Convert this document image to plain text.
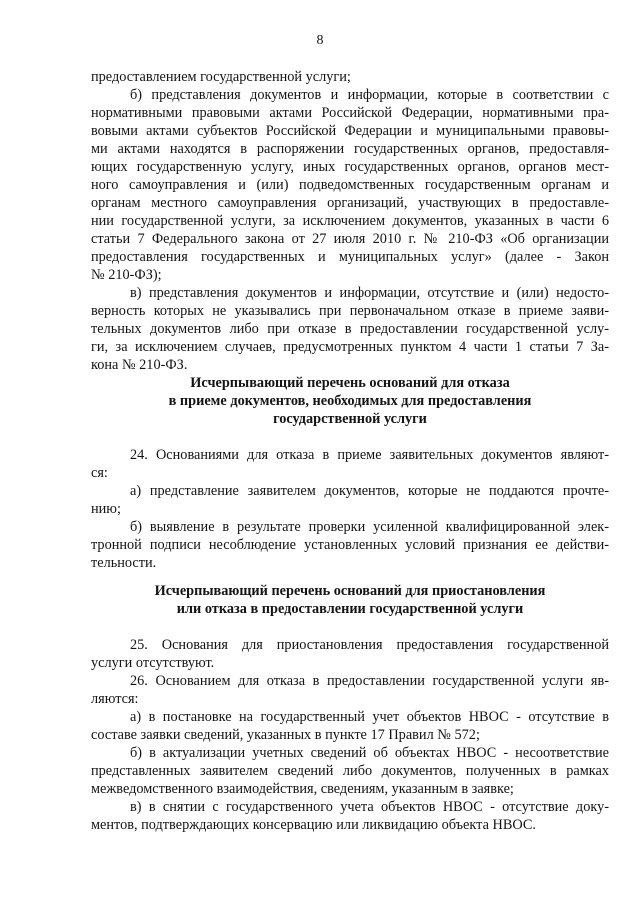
8
предоставлением государственной услуги;
б) представления документов и информации, которые в соответствии с
нормативными правовыми актами Российской Федерации, нормативными пра-
вовыми актами субъектов Российской Федерации и муниципальными правовы-
ми актами находятся в распоряжении государственных органов, предоставля-
ющих государственную услугу, иных государственных органов, органов мест-
ного самоуправления и (или) подведомственных государственным органам и
органам местного самоуправления организаций, участвующих в предоставле-
нии государственной услуги, за исключением документов, указанных в части 6
статьи 7 Федерального закона от 27 июля 2010 г. № 210-ФЗ «Об организации
предоставления государственных и муниципальных услуг» (далее - Закон
№ 210-ФЗ);
в) представления документов и информации, отсутствие и (или) недосто-
верность которых не указывались при первоначальном отказе в приеме заяви-
тельных документов либо при отказе в предоставлении государственной услу-
ги, за исключением случаев, предусмотренных пунктом 4 части 1 статьи 7 За-
кона № 210-ФЗ.
Исчерпывающий перечень оснований для отказа
в приеме документов, необходимых для предоставления
государственной услуги
24. Основаниями для отказа в приеме заявительных документов являют-
ся:
а) представление заявителем документов, которые не поддаются прочте-
нию;
б) выявление в результате проверки усиленной квалифицированной элек-
тронной подписи несоблюдение установленных условий признания ее действи-
тельности.
Исчерпывающий перечень оснований для приостановления
или отказа в предоставлении государственной услуги
25. Основания для приостановления предоставления государственной
услуги отсутствуют.
26. Основанием для отказа в предоставлении государственной услуги яв-
ляются:
а) в постановке на государственный учет объектов НВОС - отсутствие в
составе заявки сведений, указанных в пункте 17 Правил № 572;
б) в актуализации учетных сведений об объектах НВОС - несоответствие
представленных заявителем сведений либо документов, полученных в рамках
межведомственного взаимодействия, сведениям, указанным в заявке;
в) в снятии с государственного учета объектов НВОС - отсутствие доку-
ментов, подтверждающих консервацию или ликвидацию объекта НВОС.
